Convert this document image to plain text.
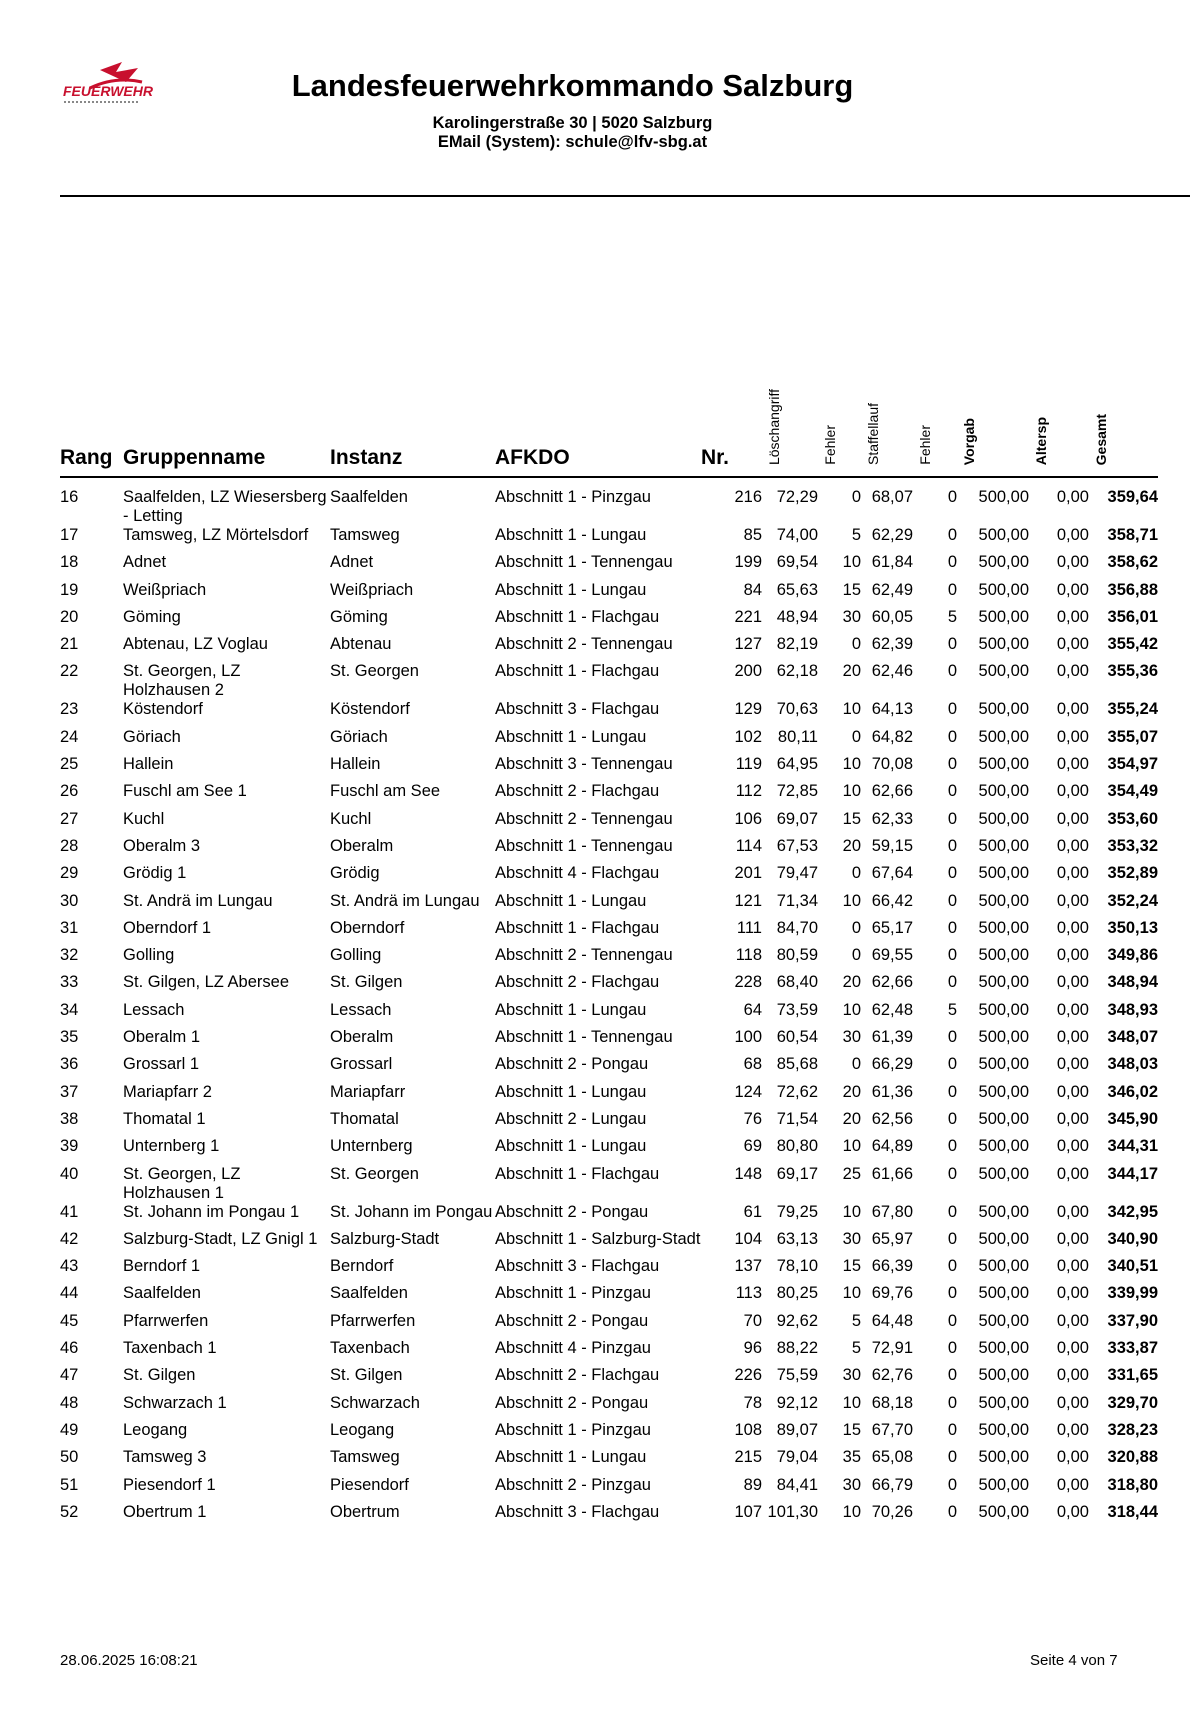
FEUERWEHR	Landesfeuerwehrkommando Salzburg
Karolingerstraße 30 | 5020 Salzburg
EMail (System): schule@lfv-sbg.at
Rang	Gruppenname	Instanz	AFKDO	Nr.	Löschangriff	Fehler	Staffellauf	Fehler	Vorgab	Altersp	Gesamt
16	Saalfelden, LZ Wiesersberg - Letting	Saalfelden	Abschnitt 1 - Pinzgau	216	72,29	0	68,07	0	500,00	0,00	359,64
17	Tamsweg, LZ Mörtelsdorf	Tamsweg	Abschnitt 1 - Lungau	85	74,00	5	62,29	0	500,00	0,00	358,71
18	Adnet	Adnet	Abschnitt 1 - Tennengau	199	69,54	10	61,84	0	500,00	0,00	358,62
19	Weißpriach	Weißpriach	Abschnitt 1 - Lungau	84	65,63	15	62,49	0	500,00	0,00	356,88
20	Göming	Göming	Abschnitt 1 - Flachgau	221	48,94	30	60,05	5	500,00	0,00	356,01
21	Abtenau, LZ Voglau	Abtenau	Abschnitt 2 - Tennengau	127	82,19	0	62,39	0	500,00	0,00	355,42
22	St. Georgen, LZ Holzhausen 2	St. Georgen	Abschnitt 1 - Flachgau	200	62,18	20	62,46	0	500,00	0,00	355,36
23	Köstendorf	Köstendorf	Abschnitt 3 - Flachgau	129	70,63	10	64,13	0	500,00	0,00	355,24
24	Göriach	Göriach	Abschnitt 1 - Lungau	102	80,11	0	64,82	0	500,00	0,00	355,07
25	Hallein	Hallein	Abschnitt 3 - Tennengau	119	64,95	10	70,08	0	500,00	0,00	354,97
26	Fuschl am See 1	Fuschl am See	Abschnitt 2 - Flachgau	112	72,85	10	62,66	0	500,00	0,00	354,49
27	Kuchl	Kuchl	Abschnitt 2 - Tennengau	106	69,07	15	62,33	0	500,00	0,00	353,60
28	Oberalm 3	Oberalm	Abschnitt 1 - Tennengau	114	67,53	20	59,15	0	500,00	0,00	353,32
29	Grödig 1	Grödig	Abschnitt 4 - Flachgau	201	79,47	0	67,64	0	500,00	0,00	352,89
30	St. Andrä im Lungau	St. Andrä im Lungau	Abschnitt 1 - Lungau	121	71,34	10	66,42	0	500,00	0,00	352,24
31	Oberndorf 1	Oberndorf	Abschnitt 1 - Flachgau	111	84,70	0	65,17	0	500,00	0,00	350,13
32	Golling	Golling	Abschnitt 2 - Tennengau	118	80,59	0	69,55	0	500,00	0,00	349,86
33	St. Gilgen, LZ Abersee	St. Gilgen	Abschnitt 2 - Flachgau	228	68,40	20	62,66	0	500,00	0,00	348,94
34	Lessach	Lessach	Abschnitt 1 - Lungau	64	73,59	10	62,48	5	500,00	0,00	348,93
35	Oberalm 1	Oberalm	Abschnitt 1 - Tennengau	100	60,54	30	61,39	0	500,00	0,00	348,07
36	Grossarl 1	Grossarl	Abschnitt 2 - Pongau	68	85,68	0	66,29	0	500,00	0,00	348,03
37	Mariapfarr 2	Mariapfarr	Abschnitt 1 - Lungau	124	72,62	20	61,36	0	500,00	0,00	346,02
38	Thomatal 1	Thomatal	Abschnitt 2 - Lungau	76	71,54	20	62,56	0	500,00	0,00	345,90
39	Unternberg 1	Unternberg	Abschnitt 1 - Lungau	69	80,80	10	64,89	0	500,00	0,00	344,31
40	St. Georgen, LZ Holzhausen 1	St. Georgen	Abschnitt 1 - Flachgau	148	69,17	25	61,66	0	500,00	0,00	344,17
41	St. Johann im Pongau 1	St. Johann im Pongau	Abschnitt 2 - Pongau	61	79,25	10	67,80	0	500,00	0,00	342,95
42	Salzburg-Stadt, LZ Gnigl 1	Salzburg-Stadt	Abschnitt 1 - Salzburg-Stadt	104	63,13	30	65,97	0	500,00	0,00	340,90
43	Berndorf 1	Berndorf	Abschnitt 3 - Flachgau	137	78,10	15	66,39	0	500,00	0,00	340,51
44	Saalfelden	Saalfelden	Abschnitt 1 - Pinzgau	113	80,25	10	69,76	0	500,00	0,00	339,99
45	Pfarrwerfen	Pfarrwerfen	Abschnitt 2 - Pongau	70	92,62	5	64,48	0	500,00	0,00	337,90
46	Taxenbach 1	Taxenbach	Abschnitt 4 - Pinzgau	96	88,22	5	72,91	0	500,00	0,00	333,87
47	St. Gilgen	St. Gilgen	Abschnitt 2 - Flachgau	226	75,59	30	62,76	0	500,00	0,00	331,65
48	Schwarzach 1	Schwarzach	Abschnitt 2 - Pongau	78	92,12	10	68,18	0	500,00	0,00	329,70
49	Leogang	Leogang	Abschnitt 1 - Pinzgau	108	89,07	15	67,70	0	500,00	0,00	328,23
50	Tamsweg 3	Tamsweg	Abschnitt 1 - Lungau	215	79,04	35	65,08	0	500,00	0,00	320,88
51	Piesendorf 1	Piesendorf	Abschnitt 2 - Pinzgau	89	84,41	30	66,79	0	500,00	0,00	318,80
52	Obertrum 1	Obertrum	Abschnitt 3 - Flachgau	107	101,30	10	70,26	0	500,00	0,00	318,44
28.06.2025 16:08:21	Seite 4 von 7
